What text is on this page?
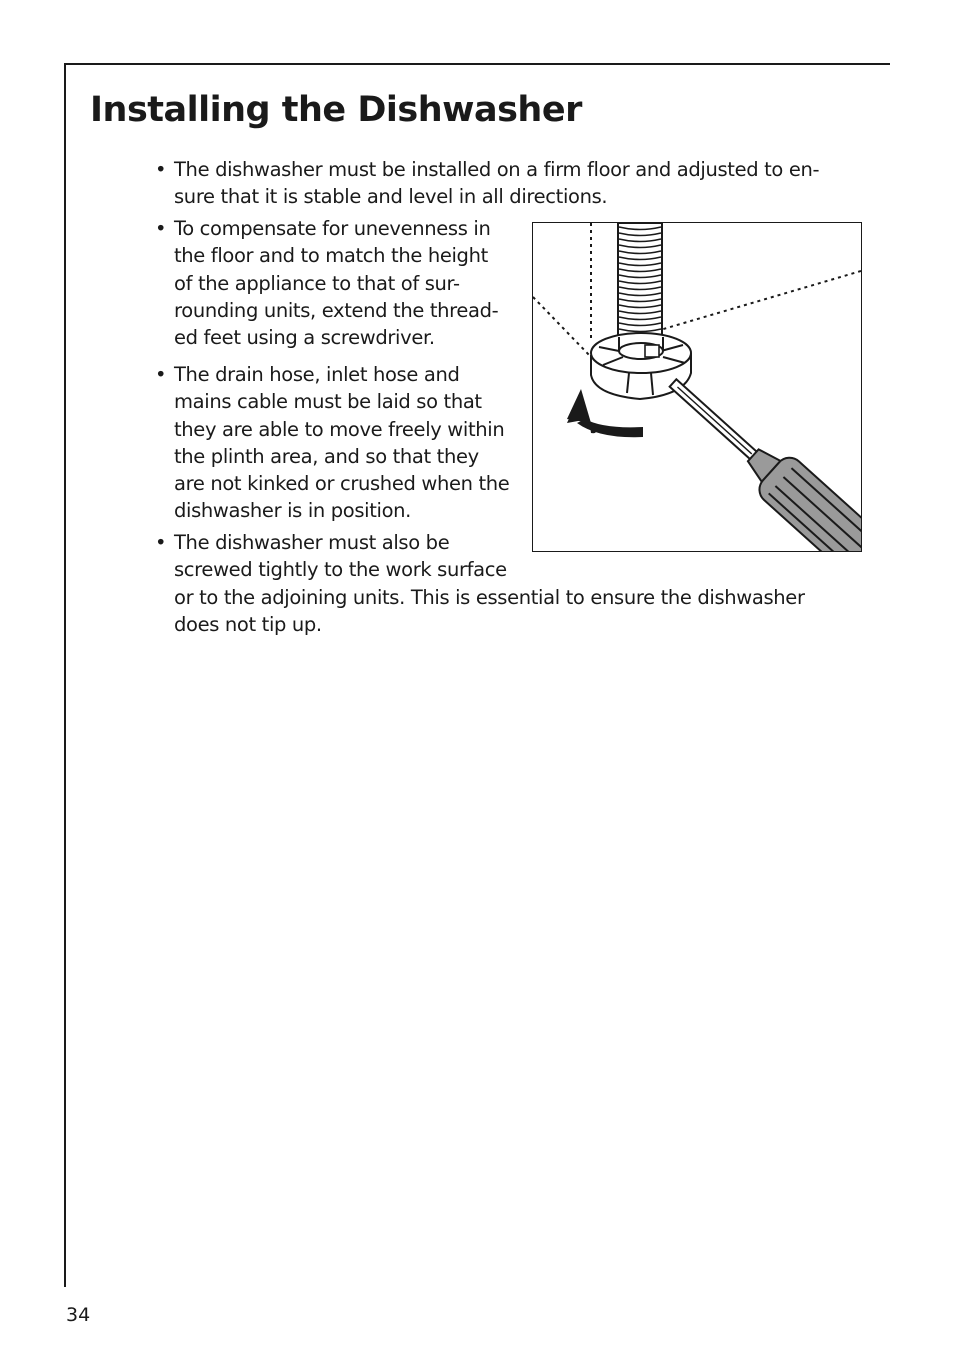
Installing the Dishwasher
• The dishwasher must be installed on a firm floor and adjusted to en-
sure that it is stable and level in all directions.
• To compensate for unevenness in
the floor and to match the height
of the appliance to that of sur-
rounding units, extend the thread-
ed feet using a screwdriver.
• The drain hose, inlet hose and
mains cable must be laid so that
they are able to move freely within
the plinth area, and so that they
are not kinked or crushed when the
dishwasher is in position.
• The dishwasher must also be
screwed tightly to the work surface
or to the adjoining units. This is essential to ensure the dishwasher
does not tip up.
34
